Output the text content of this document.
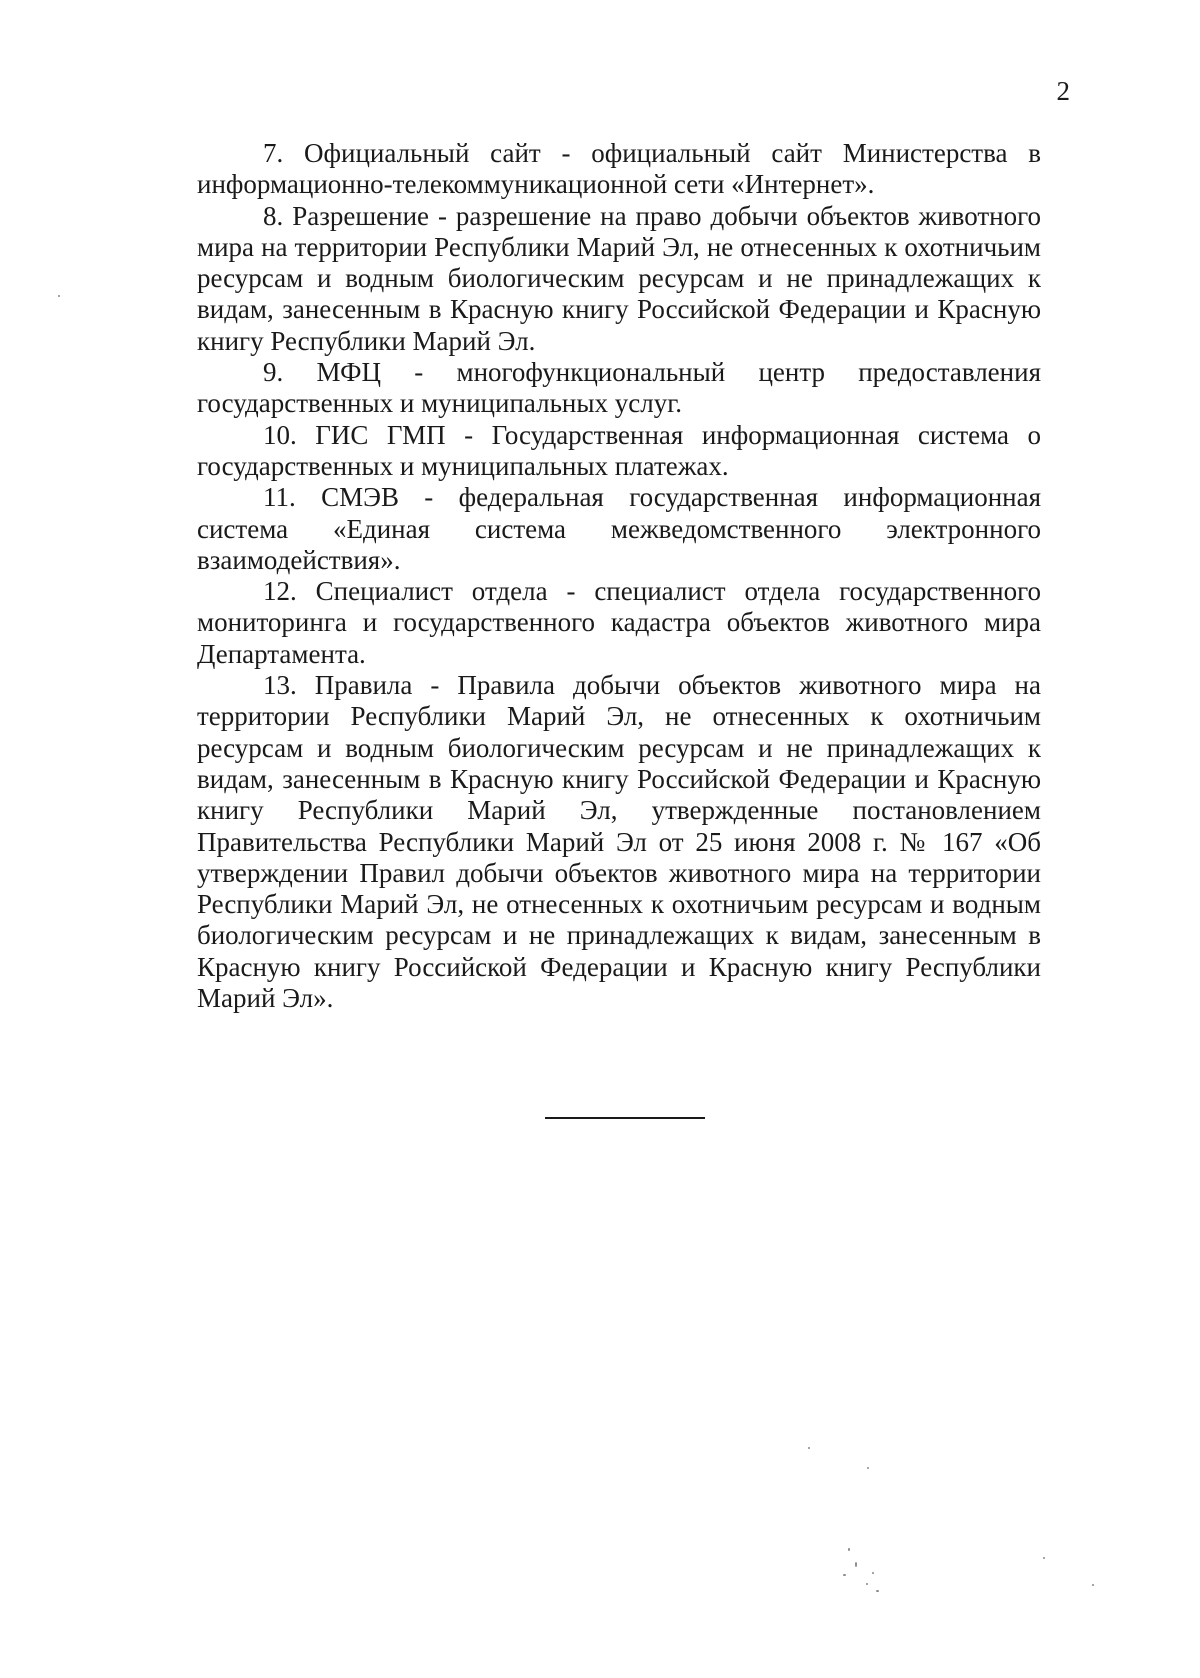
2

7. Официальный сайт - официальный сайт Министерства в информационно-телекоммуникационной сети «Интернет».

8. Разрешение - разрешение на право добычи объектов животного мира на территории Республики Марий Эл, не отнесенных к охотничьим ресурсам и водным биологическим ресурсам и не принадлежащих к видам, занесенным в Красную книгу Российской Федерации и Красную книгу Республики Марий Эл.

9. МФЦ - многофункциональный центр предоставления государственных и муниципальных услуг.

10. ГИС ГМП - Государственная информационная система о государственных и муниципальных платежах.

11. СМЭВ - федеральная государственная информационная система «Единая система межведомственного электронного взаимодействия».

12. Специалист отдела - специалист отдела государственного мониторинга и государственного кадастра объектов животного мира Департамента.

13. Правила - Правила добычи объектов животного мира на территории Республики Марий Эл, не отнесенных к охотничьим ресурсам и водным биологическим ресурсам и не принадлежащих к видам, занесенным в Красную книгу Российской Федерации и Красную книгу Республики Марий Эл, утвержденные постановлением Правительства Республики Марий Эл от 25 июня 2008 г. № 167 «Об утверждении Правил добычи объектов животного мира на территории Республики Марий Эл, не отнесенных к охотничьим ресурсам и водным биологическим ресурсам и не принадлежащих к видам, занесенным в Красную книгу Российской Федерации и Красную книгу Республики Марий Эл».
